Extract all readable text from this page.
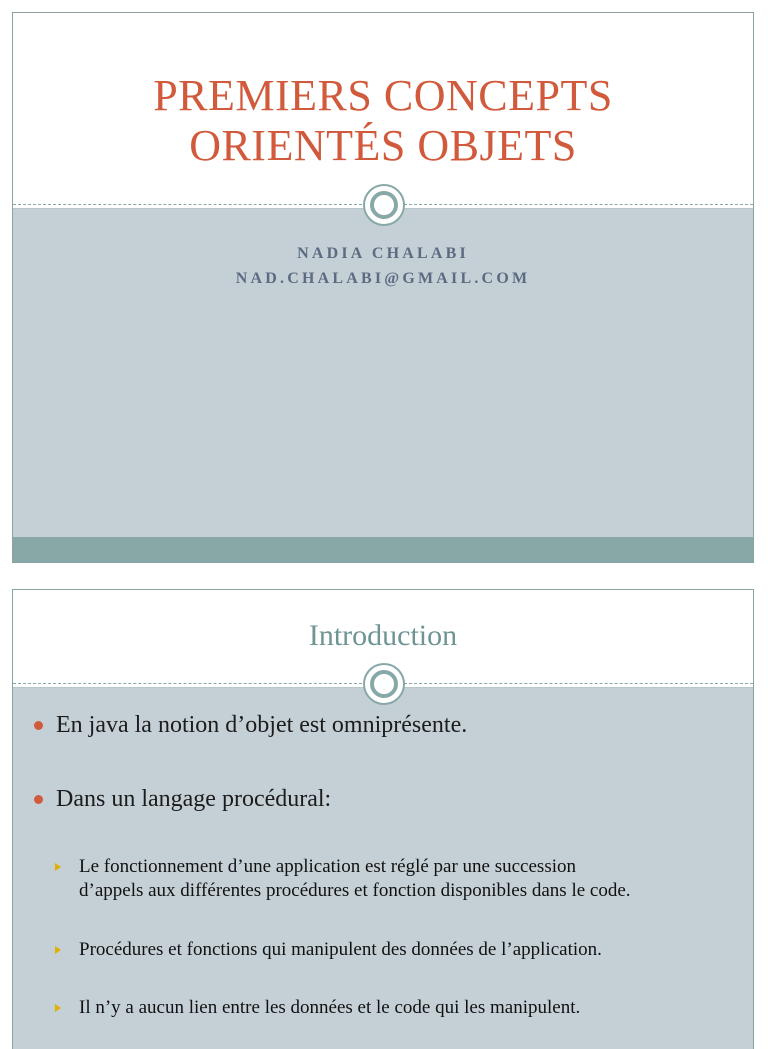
PREMIERS CONCEPTS
ORIENTÉS OBJETS
NADIA CHALABI
NAD.CHALABI@GMAIL.COM
Introduction
En java la notion d’objet est omniprésente.
Dans un langage procédural:
Le fonctionnement d’une application est réglé par une succession
d’appels aux différentes procédures et fonction disponibles dans le code.
Procédures et fonctions qui manipulent des données de l’application.
Il n’y a aucun lien entre les données et le code qui les manipulent.
